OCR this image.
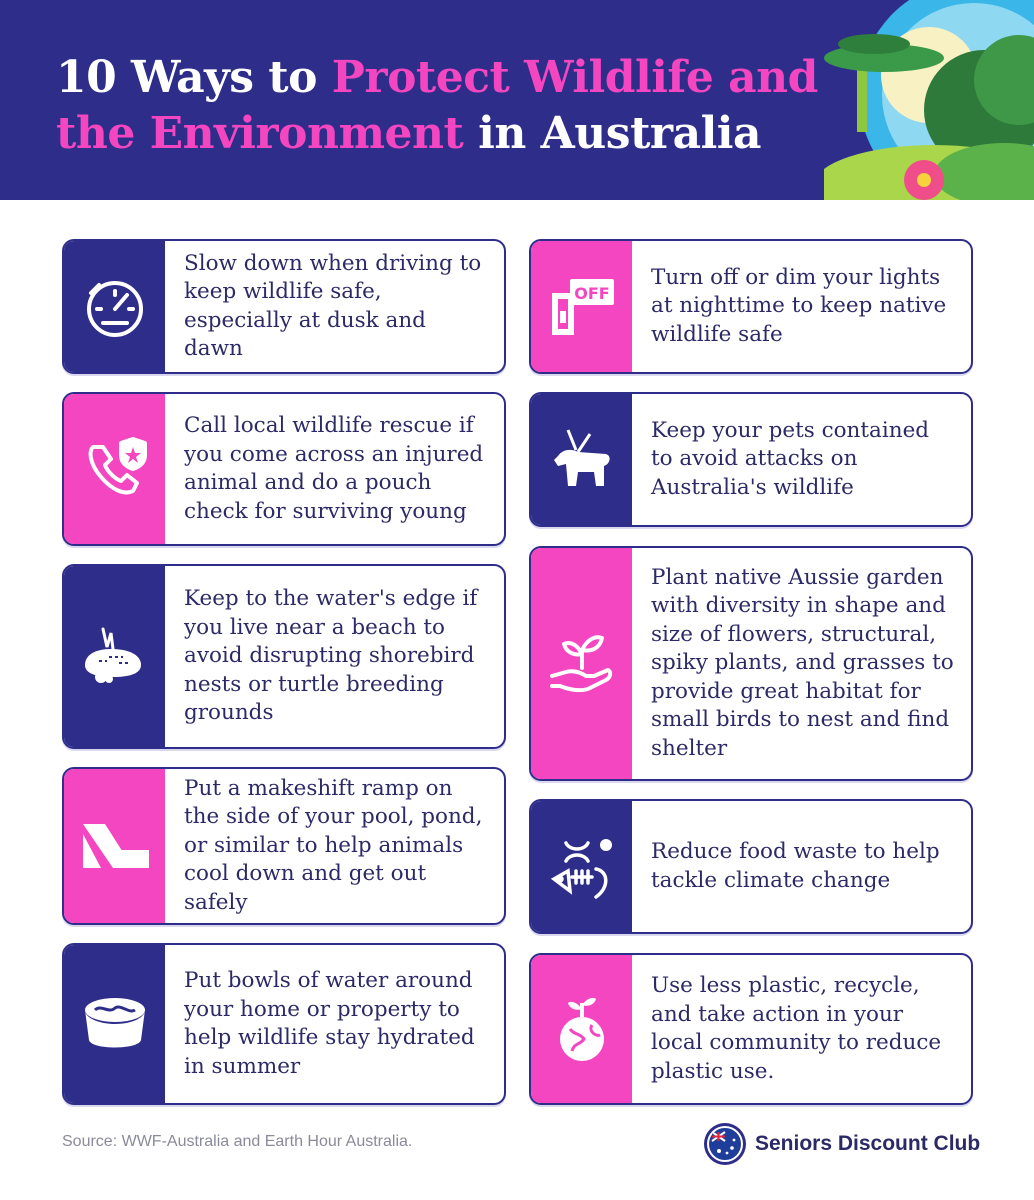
10 Ways to Protect Wildlife and
the Environment in Australia
Slow down when driving to keep wildlife safe, especially at dusk and dawn
OFF
Turn off or dim your lights at nighttime to keep native wildlife safe
Call local wildlife rescue if you come across an injured animal and do a pouch check for surviving young
Keep your pets contained to avoid attacks on Australia's wildlife
Keep to the water's edge if you live near a beach to avoid disrupting shorebird nests or turtle breeding grounds
Plant native Aussie garden with diversity in shape and size of flowers, structural, spiky plants, and grasses to provide great habitat for small birds to nest and find shelter
Put a makeshift ramp on the side of your pool, pond, or similar to help animals cool down and get out safely
Reduce food waste to help tackle climate change
Put bowls of water around your home or property to help wildlife stay hydrated in summer
Use less plastic, recycle, and take action in your local community to reduce plastic use.
Source: WWF-Australia and Earth Hour Australia.	Seniors Discount Club
